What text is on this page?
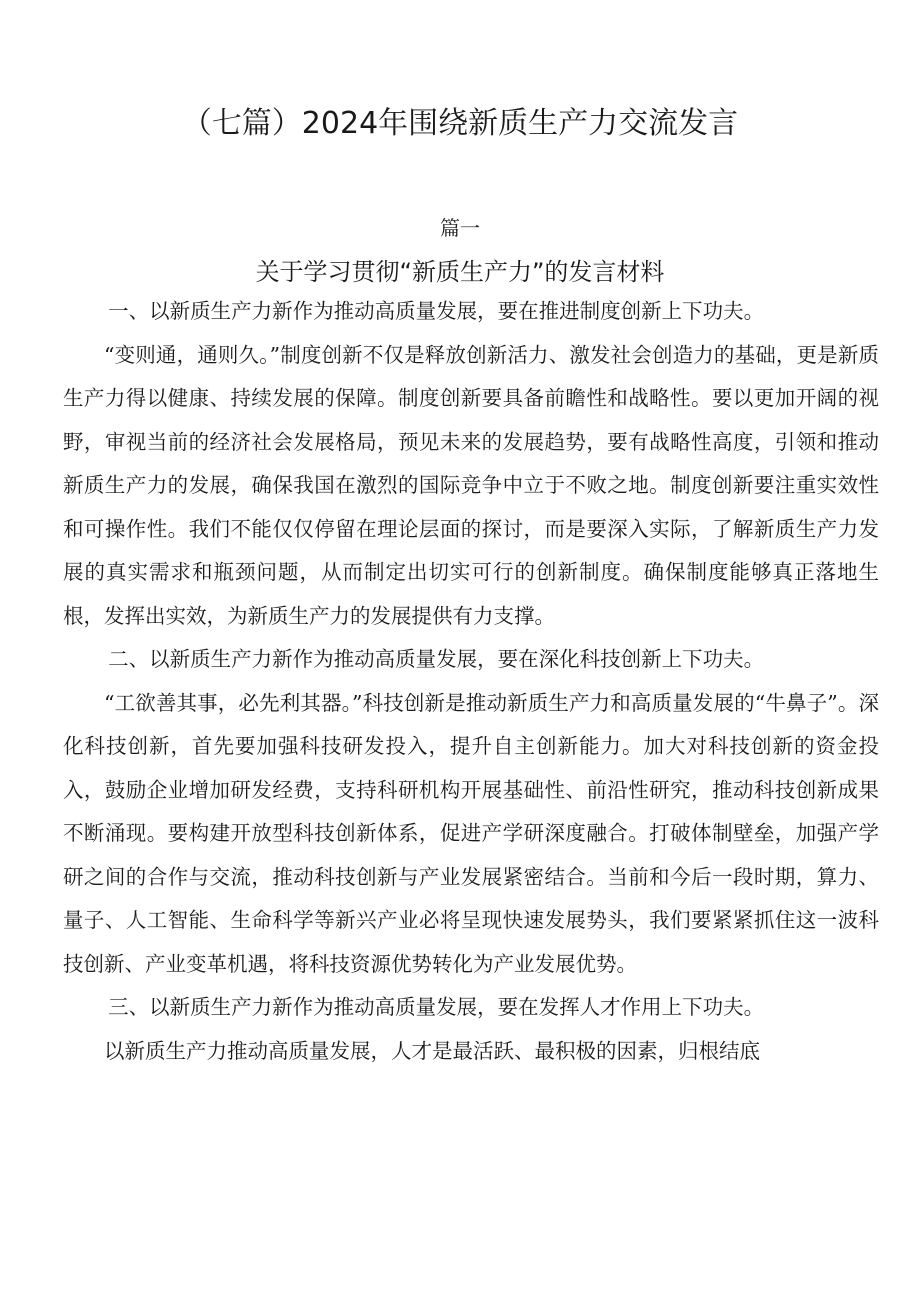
（七篇）2024年围绕新质生产力交流发言
篇一
关于学习贯彻“新质生产力”的发言材料

一、以新质生产力新作为推动高质量发展，要在推进制度创新上下功夫。

“变则通，通则久。”制度创新不仅是释放创新活力、激发社会创造力的基础，更是新质生产力得以健康、持续发展的保障。制度创新要具备前瞻性和战略性。要以更加开阔的视野，审视当前的经济社会发展格局，预见未来的发展趋势，要有战略性高度，引领和推动新质生产力的发展，确保我国在激烈的国际竞争中立于不败之地。制度创新要注重实效性和可操作性。我们不能仅仅停留在理论层面的探讨，而是要深入实际，了解新质生产力发展的真实需求和瓶颈问题，从而制定出切实可行的创新制度。确保制度能够真正落地生根，发挥出实效，为新质生产力的发展提供有力支撑。

二、以新质生产力新作为推动高质量发展，要在深化科技创新上下功夫。

“工欲善其事，必先利其器。”科技创新是推动新质生产力和高质量发展的“牛鼻子”。深化科技创新，首先要加强科技研发投入，提升自主创新能力。加大对科技创新的资金投入，鼓励企业增加研发经费，支持科研机构开展基础性、前沿性研究，推动科技创新成果不断涌现。要构建开放型科技创新体系，促进产学研深度融合。打破体制壁垒，加强产学研之间的合作与交流，推动科技创新与产业发展紧密结合。当前和今后一段时期，算力、量子、人工智能、生命科学等新兴产业必将呈现快速发展势头，我们要紧紧抓住这一波科技创新、产业变革机遇，将科技资源优势转化为产业发展优势。

三、以新质生产力新作为推动高质量发展，要在发挥人才作用上下功夫。

以新质生产力推动高质量发展，人才是最活跃、最积极的因素，归根结底
